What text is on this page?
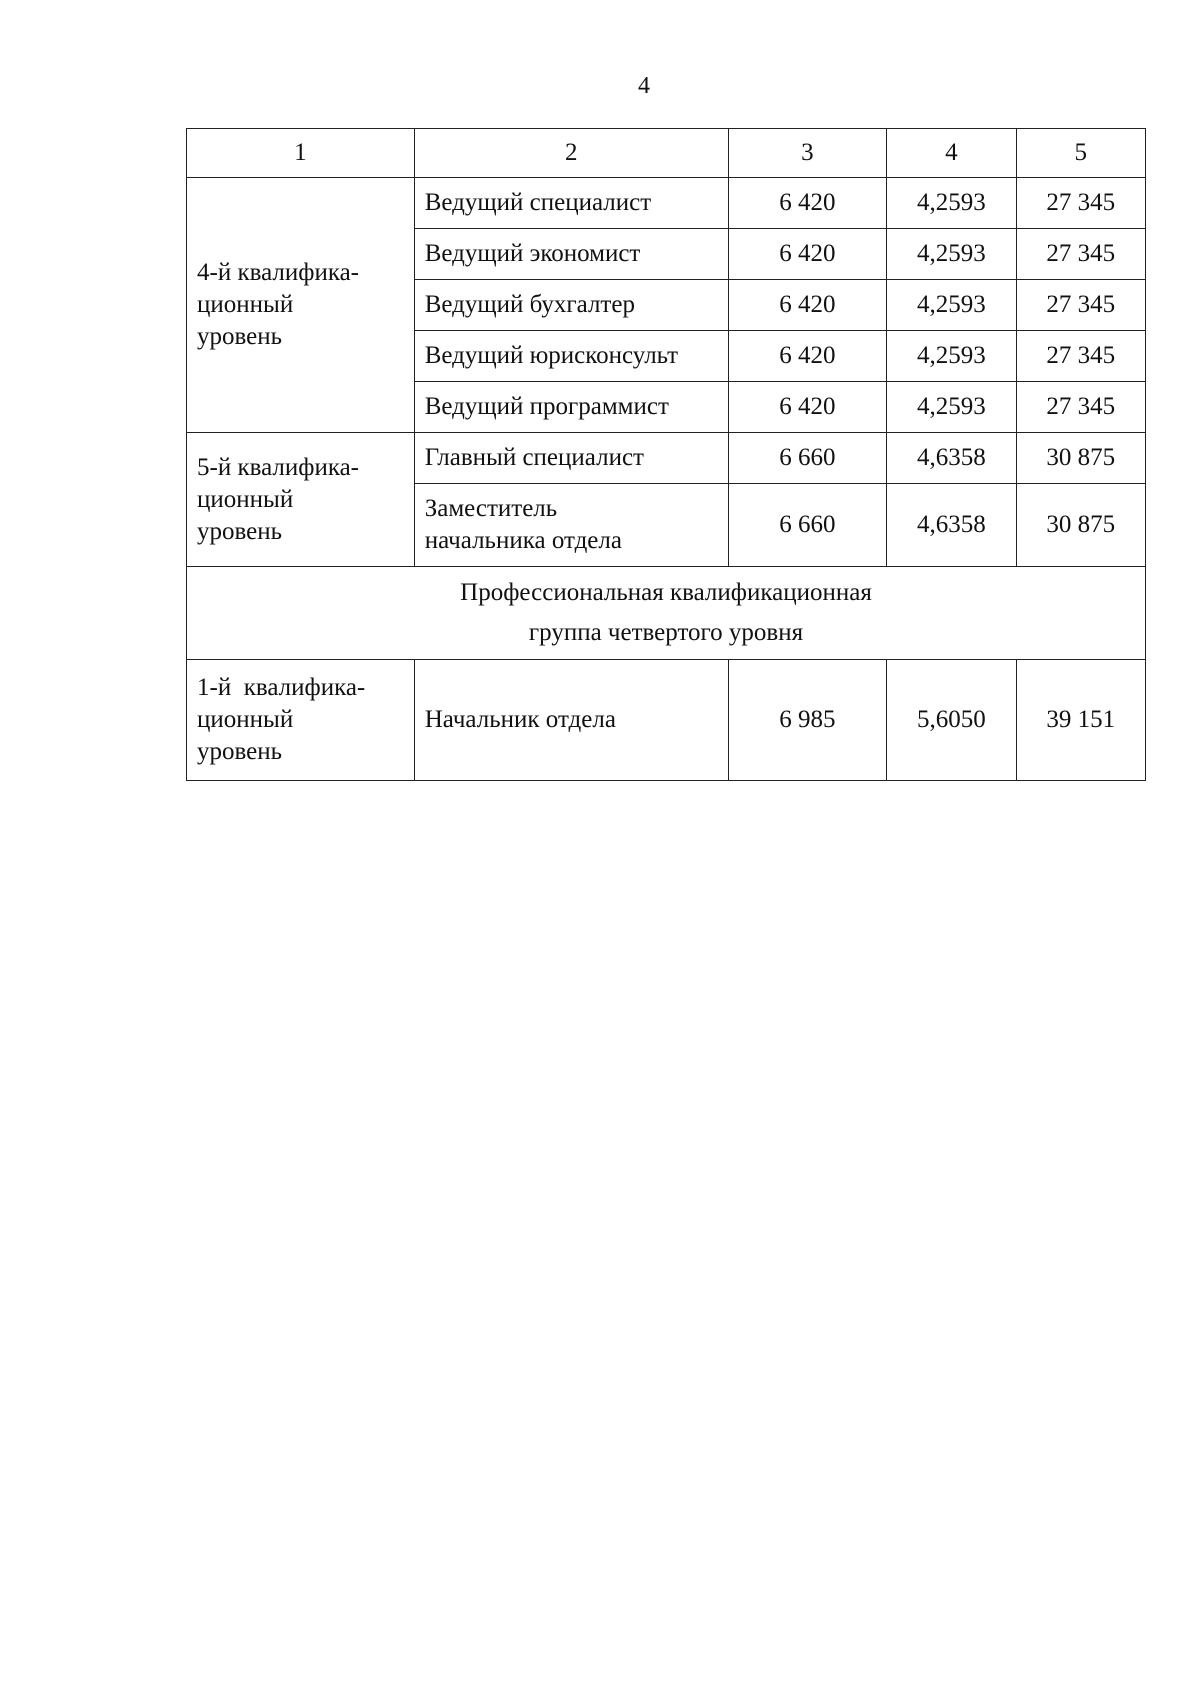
4
1	2	3	4	5

4-й квалифика-
ционный
уровень	Ведущий специалист	6 420	4,2593	27 345
	Ведущий экономист	6 420	4,2593	27 345
	Ведущий бухгалтер	6 420	4,2593	27 345
	Ведущий юрисконсульт	6 420	4,2593	27 345
	Ведущий программист	6 420	4,2593	27 345

5-й квалифика-
ционный
уровень	Главный специалист	6 660	4,6358	30 875

	Заместитель
начальника отдела	6 660	4,6358	30 875

Профессиональная квалификационная
группа четвертого уровня				

1-й  квалифика-
ционный
уровень	Начальник отдела	6 985	5,6050	39 151
